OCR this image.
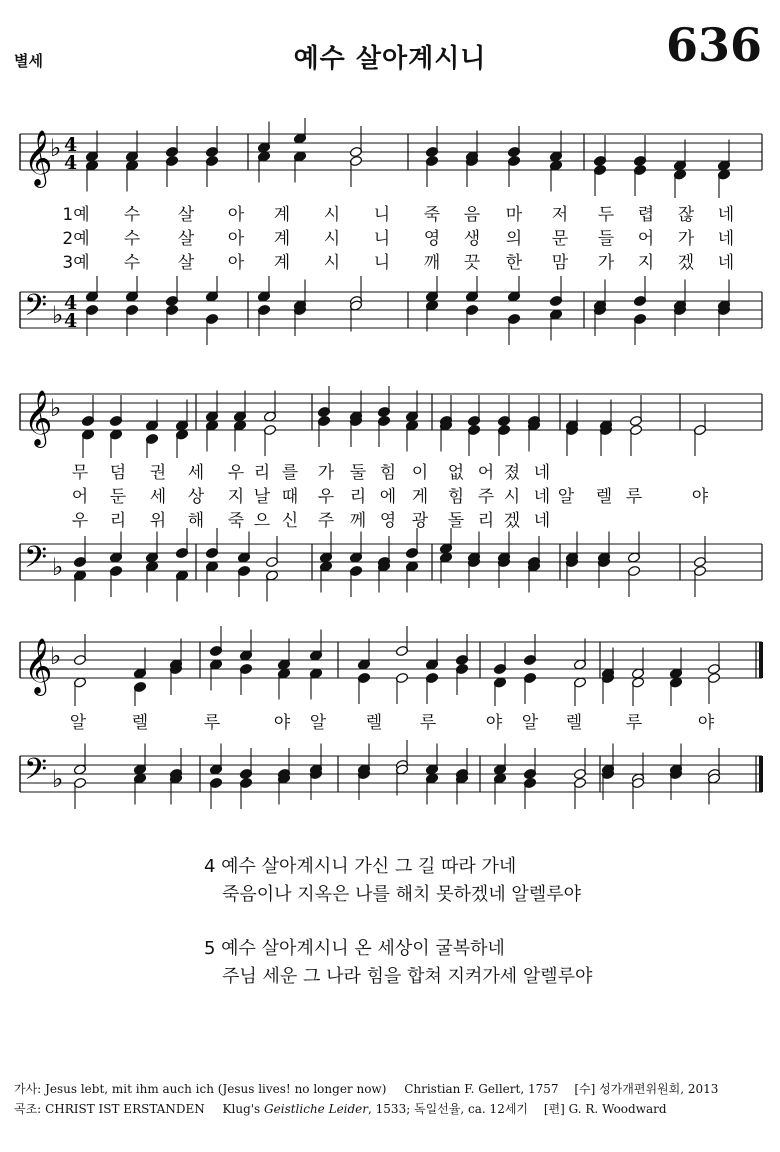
별세	예수 살아계시니	636
𝄞
♭ 4
4
1예 수 살 아 계 시 니 죽 음 마 저 두 렵 잖 네
2예 수 살 아 계 시 니 영 생 의 문 들 어 가 네
3예 수 살 아 계 시 니 깨 끗 한 맘 가 지 겠 네
𝄢 ♭ 4
4
𝄞
♭
무 덤 권 세 우 리 를 가 둘 힘 이 없 어 졌 네
어 둔 세 상 지 날 때 우 리 에 게 힘 주 시 네 알 렐 루	야
우 리 위 해 죽 으 신 주 께 영 광 돌 리 겠 네
𝄢 ♭
𝄞
♭
알	렐	루	야 알 렐 루	야 알 렐	루	야
𝄢 ♭
4 예수 살아계시니 가신 그 길 따라 가네
죽음이나 지옥은 나를 해치 못하겠네 알렐루야
5 예수 살아계시니 온 세상이 굴복하네
주님 세운 그 나라 힘을 합쳐 지켜가세 알렐루야
가사: Jesus lebt, mit ihm auch ich (Jesus lives! no longer now) Christian F. Gellert, 1757 [수] 성가개편위원회, 2013
곡조: CHRIST IST ERSTANDEN Klug's Geistliche Leider, 1533; 독일선율, ca. 12세기 [편] G. R. Woodward
